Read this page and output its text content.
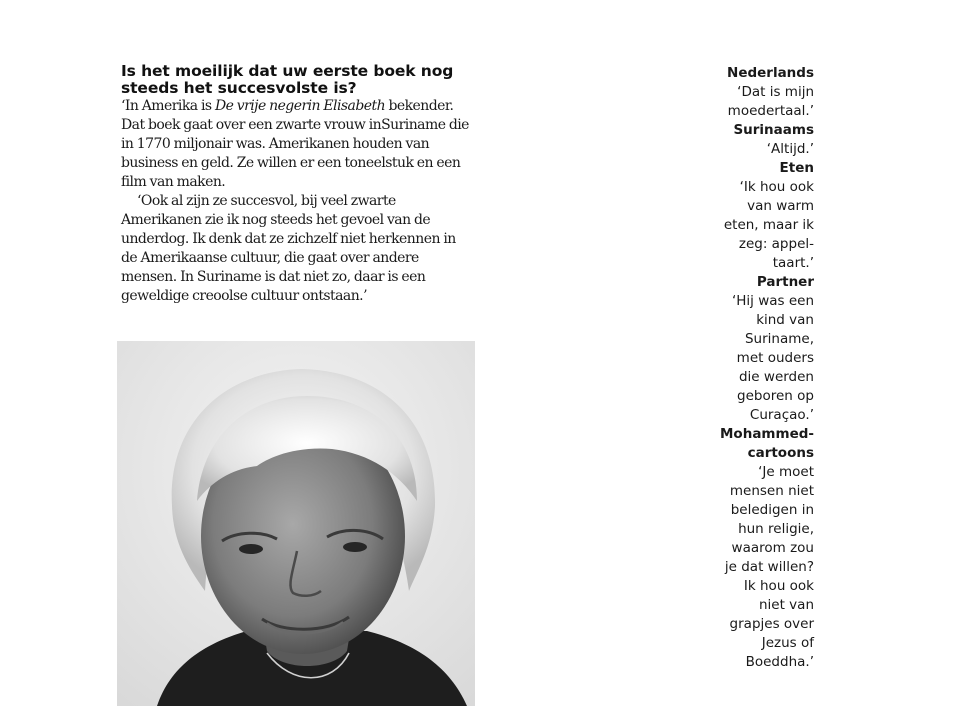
Is het moeilijk dat uw eerste boek nog steeds het succesvolste is?

‘In Amerika is De vrije negerin Elisabeth bekender. Dat boek gaat over een zwarte vrouw inSuriname die in 1770 miljonair was. Amerikanen houden van business en geld. Ze willen er een toneelstuk en een film van maken.

‘Ook al zijn ze succesvol, bij veel zwarte Amerikanen zie ik nog steeds het gevoel van de underdog. Ik denk dat ze zichzelf niet herkennen in de Amerikaanse cultuur, die gaat over andere mensen. In Suriname is dat niet zo, daar is een geweldige creoolse cultuur ontstaan.’

Nederlands

‘Dat is mijn
moedertaal.’

Surinaams

‘Altijd.’

Eten

‘Ik hou ook
van warm
eten, maar ik
zeg: appel-
taart.’

Partner

‘Hij was een
kind van
Suriname,
met ouders
die werden
geboren op
Curaçao.’

Mohammed-
cartoons

‘Je moet
mensen niet
beledigen in
hun religie,
waarom zou
je dat willen?
Ik hou ook
niet van
grapjes over
Jezus of
Boeddha.’
